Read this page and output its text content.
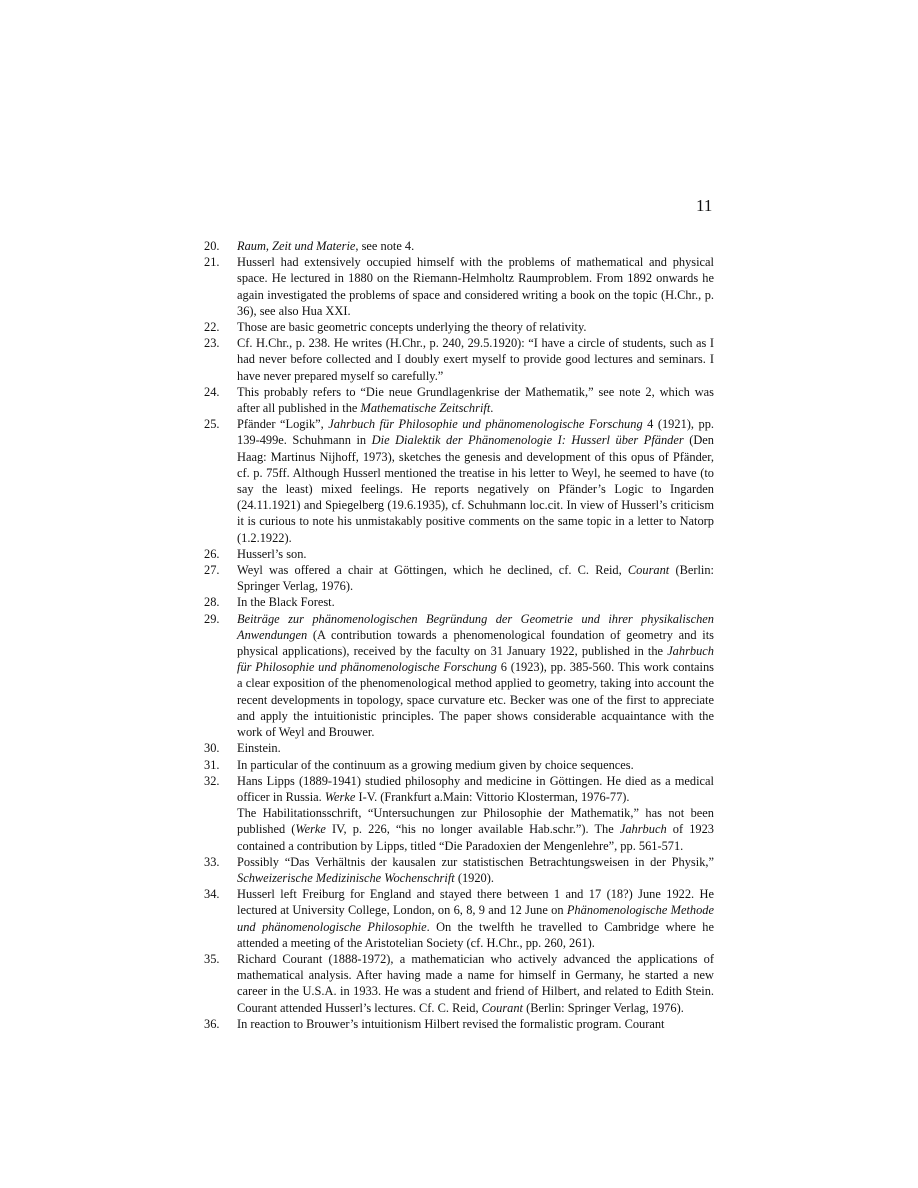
11
20.	Raum, Zeit und Materie, see note 4.
21.	Husserl had extensively occupied himself with the problems of mathematical and physical space. He lectured in 1880 on the Riemann-Helmholtz Raumproblem. From 1892 onwards he again investigated the problems of space and considered writing a book on the topic (H.Chr., p. 36), see also Hua XXI.
22.	Those are basic geometric concepts underlying the theory of relativity.
23.	Cf. H.Chr., p. 238. He writes (H.Chr., p. 240, 29.5.1920): “I have a circle of students, such as I had never before collected and I doubly exert myself to provide good lectures and seminars. I have never prepared myself so carefully.”
24.	This probably refers to “Die neue Grundlagenkrise der Mathematik,” see note 2, which was after all published in the Mathematische Zeitschrift.
25.	Pfänder “Logik”, Jahrbuch für Philosophie und phänomenologische Forschung 4 (1921), pp. 139-499e. Schuhmann in Die Dialektik der Phänomenologie I: Husserl über Pfänder (Den Haag: Martinus Nijhoff, 1973), sketches the genesis and development of this opus of Pfänder, cf. p. 75ff. Although Husserl mentioned the treatise in his letter to Weyl, he seemed to have (to say the least) mixed feelings. He reports negatively on Pfänder’s Logic to Ingarden (24.11.1921) and Spiegelberg (19.6.1935), cf. Schuhmann loc.cit. In view of Husserl’s criticism it is curious to note his unmistakably positive comments on the same topic in a letter to Natorp (1.2.1922).
26.	Husserl’s son.
27.	Weyl was offered a chair at Göttingen, which he declined, cf. C. Reid, Courant (Berlin: Springer Verlag, 1976).
28.	In the Black Forest.
29.	Beiträge zur phänomenologischen Begründung der Geometrie und ihrer physikalischen Anwendungen (A contribution towards a phenomenological foundation of geometry and its physical applications), received by the faculty on 31 January 1922, published in the Jahrbuch für Philosophie und phänomenologische Forschung 6 (1923), pp. 385-560. This work contains a clear exposition of the phenomenological method applied to geometry, taking into account the recent developments in topology, space curvature etc. Becker was one of the first to appreciate and apply the intuitionistic principles. The paper shows considerable acquaintance with the work of Weyl and Brouwer.
30.	Einstein.
31.	In particular of the continuum as a growing medium given by choice sequences.
32.	Hans Lipps (1889-1941) studied philosophy and medicine in Göttingen. He died as a medical officer in Russia. Werke I-V. (Frankfurt a.Main: Vittorio Klosterman, 1976-77).
The Habilitationsschrift, “Untersuchungen zur Philosophie der Mathematik,” has not been published (Werke IV, p. 226, “his no longer available Hab.schr.”). The Jahrbuch of 1923 contained a contribution by Lipps, titled “Die Paradoxien der Mengenlehre”, pp. 561-571.
33.	Possibly “Das Verhältnis der kausalen zur statistischen Betrachtungsweisen in der Physik,” Schweizerische Medizinische Wochenschrift (1920).
34.	Husserl left Freiburg for England and stayed there between 1 and 17 (18?) June 1922. He lectured at University College, London, on 6, 8, 9 and 12 June on Phänomenologische Methode und phänomenologische Philosophie. On the twelfth he travelled to Cambridge where he attended a meeting of the Aristotelian Society (cf. H.Chr., pp. 260, 261).
35.	Richard Courant (1888-1972), a mathematician who actively advanced the applications of mathematical analysis. After having made a name for himself in Germany, he started a new career in the U.S.A. in 1933. He was a student and friend of Hilbert, and related to Edith Stein. Courant attended Husserl’s lectures. Cf. C. Reid, Courant (Berlin: Springer Verlag, 1976).
36.	In reaction to Brouwer’s intuitionism Hilbert revised the formalistic program. Courant
